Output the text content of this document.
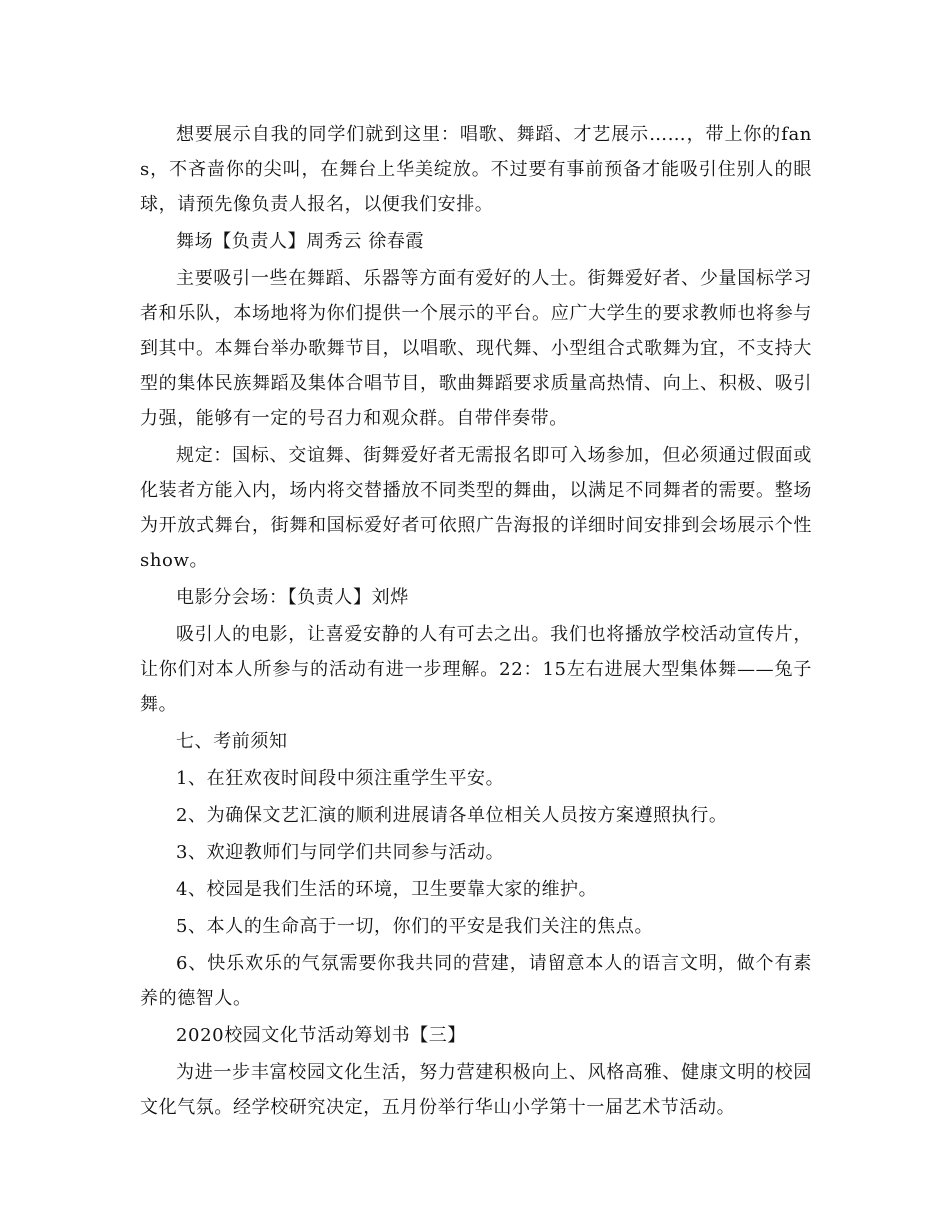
想要展示自我的同学们就到这里：唱歌、舞蹈、才艺展示……，带上你的fans，不吝啬你的尖叫，在舞台上华美绽放。不过要有事前预备才能吸引住别人的眼球，请预先像负责人报名，以便我们安排。

舞场【负责人】周秀云 徐春霞

主要吸引一些在舞蹈、乐器等方面有爱好的人士。街舞爱好者、少量国标学习者和乐队，本场地将为你们提供一个展示的平台。应广大学生的要求教师也将参与到其中。本舞台举办歌舞节目，以唱歌、现代舞、小型组合式歌舞为宜，不支持大型的集体民族舞蹈及集体合唱节目，歌曲舞蹈要求质量高热情、向上、积极、吸引力强，能够有一定的号召力和观众群。自带伴奏带。

规定：国标、交谊舞、街舞爱好者无需报名即可入场参加，但必须通过假面或化装者方能入内，场内将交替播放不同类型的舞曲，以满足不同舞者的需要。整场为开放式舞台，街舞和国标爱好者可依照广告海报的详细时间安排到会场展示个性show。

电影分会场：【负责人】刘烨

吸引人的电影，让喜爱安静的人有可去之出。我们也将播放学校活动宣传片，让你们对本人所参与的活动有进一步理解。22：15左右进展大型集体舞——兔子舞。

七、考前须知

1、在狂欢夜时间段中须注重学生平安。

2、为确保文艺汇演的顺利进展请各单位相关人员按方案遵照执行。

3、欢迎教师们与同学们共同参与活动。

4、校园是我们生活的环境，卫生要靠大家的维护。

5、本人的生命高于一切，你们的平安是我们关注的焦点。

6、快乐欢乐的气氛需要你我共同的营建，请留意本人的语言文明，做个有素养的德智人。

2020校园文化节活动筹划书【三】

为进一步丰富校园文化生活，努力营建积极向上、风格高雅、健康文明的校园文化气氛。经学校研究决定，五月份举行华山小学第十一届艺术节活动。
